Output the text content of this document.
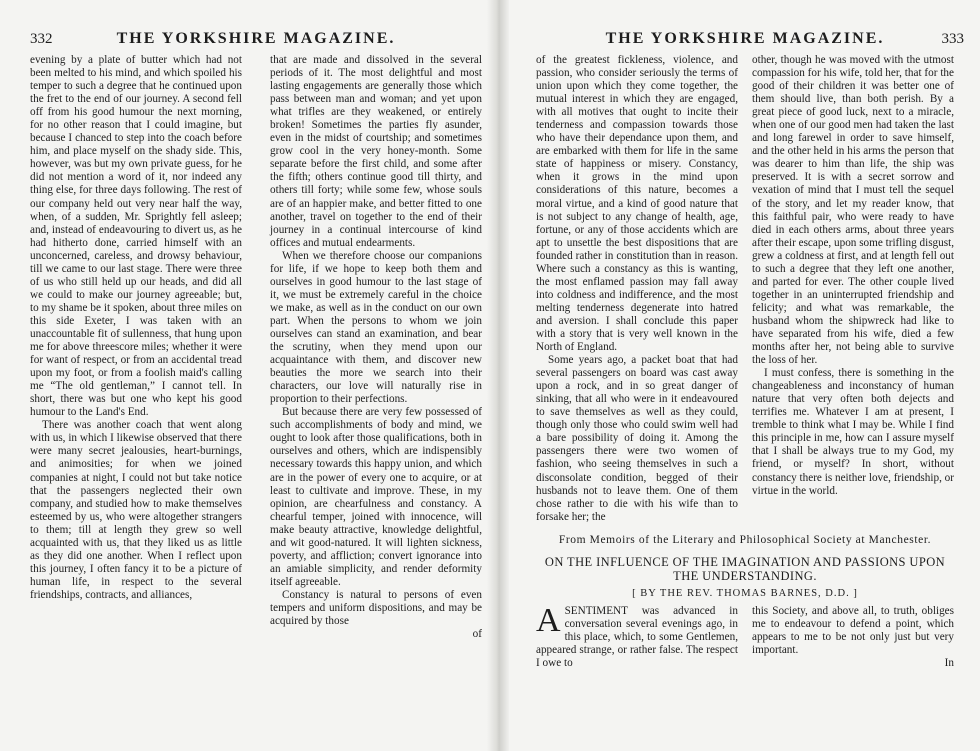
332	THE YORKSHIRE MAGAZINE.

evening by a plate of butter which had not been melted to his mind, and which spoiled his temper to such a degree that he continued upon the fret to the end of our journey. A second fell off from his good humour the next morning, for no other reason that I could imagine, but because I chanced to step into the coach before him, and place myself on the shady side. This, however, was but my own private guess, for he did not mention a word of it, nor indeed any thing else, for three days following. The rest of our company held out very near half the way, when, of a sudden, Mr. Sprightly fell asleep; and, instead of endeavouring to divert us, as he had hitherto done, carried himself with an unconcerned, careless, and drowsy behaviour, till we came to our last stage. There were three of us who still held up our heads, and did all we could to make our journey agreeable; but, to my shame be it spoken, about three miles on this side Exeter, I was taken with an unaccountable fit of sullenness, that hung upon me for above threescore miles; whether it were for want of respect, or from an accidental tread upon my foot, or from a foolish maid's calling me “The old gentleman,” I cannot tell. In short, there was but one who kept his good humour to the Land's End.

There was another coach that went along with us, in which I likewise observed that there were many secret jealousies, heart-burnings, and animosities; for when we joined companies at night, I could not but take notice that the passengers neglected their own company, and studied how to make themselves esteemed by us, who were altogether strangers to them; till at length they grew so well acquainted with us, that they liked us as little as they did one another. When I reflect upon this journey, I often fancy it to be a picture of human life, in respect to the several friendships, contracts, and alliances,

that are made and dissolved in the several periods of it. The most delightful and most lasting engagements are generally those which pass between man and woman; and yet upon what trifles are they weakened, or entirely broken! Sometimes the parties fly asunder, even in the midst of courtship; and sometimes grow cool in the very honey-month. Some separate before the first child, and some after the fifth; others continue good till thirty, and others till forty; while some few, whose souls are of an happier make, and better fitted to one another, travel on together to the end of their journey in a continual intercourse of kind offices and mutual endearments.

When we therefore choose our companions for life, if we hope to keep both them and ourselves in good humour to the last stage of it, we must be extremely careful in the choice we make, as well as in the conduct on our own part. When the persons to whom we join ourselves can stand an examination, and bear the scrutiny, when they mend upon our acquaintance with them, and discover new beauties the more we search into their characters, our love will naturally rise in proportion to their perfections.

But because there are very few possessed of such accomplishments of body and mind, we ought to look after those qualifications, both in ourselves and others, which are indispensibly necessary towards this happy union, and which are in the power of every one to acquire, or at least to cultivate and improve. These, in my opinion, are chearfulness and constancy. A chearful temper, joined with innocence, will make beauty attractive, knowledge delightful, and wit good-natured. It will lighten sickness, poverty, and affliction; convert ignorance into an amiable simplicity, and render deformity itself agreeable.

Constancy is natural to persons of even tempers and uniform dispositions, and may be acquired by those

of
THE YORKSHIRE MAGAZINE.	333

of the greatest fickleness, violence, and passion, who consider seriously the terms of union upon which they come together, the mutual interest in which they are engaged, with all motives that ought to incite their tenderness and compassion towards those who have their dependance upon them, and are embarked with them for life in the same state of happiness or misery. Constancy, when it grows in the mind upon considerations of this nature, becomes a moral virtue, and a kind of good nature that is not subject to any change of health, age, fortune, or any of those accidents which are apt to unsettle the best dispositions that are founded rather in constitution than in reason. Where such a constancy as this is wanting, the most enflamed passion may fall away into coldness and indifference, and the most melting tenderness degenerate into hatred and aversion. I shall conclude this paper with a story that is very well known in the North of England.

Some years ago, a packet boat that had several passengers on board was cast away upon a rock, and in so great danger of sinking, that all who were in it endeavoured to save themselves as well as they could, though only those who could swim well had a bare possibility of doing it. Among the passengers there were two women of fashion, who seeing themselves in such a disconsolate condition, begged of their husbands not to leave them. One of them chose rather to die with his wife than to forsake her; the

other, though he was moved with the utmost compassion for his wife, told her, that for the good of their children it was better one of them should live, than both perish. By a great piece of good luck, next to a miracle, when one of our good men had taken the last and long farewel in order to save himself, and the other held in his arms the person that was dearer to him than life, the ship was preserved. It is with a secret sorrow and vexation of mind that I must tell the sequel of the story, and let my reader know, that this faithful pair, who were ready to have died in each others arms, about three years after their escape, upon some trifling disgust, grew a coldness at first, and at length fell out to such a degree that they left one another, and parted for ever. The other couple lived together in an uninterrupted friendship and felicity; and what was remarkable, the husband whom the shipwreck had like to have separated from his wife, died a few months after her, not being able to survive the loss of her.

I must confess, there is something in the changeableness and inconstancy of human nature that very often both dejects and terrifies me. Whatever I am at present, I tremble to think what I may be. While I find this principle in me, how can I assure myself that I shall be always true to my God, my friend, or myself? In short, without constancy there is neither love, friendship, or virtue in the world.

From Memoirs of the Literary and Philosophical Society at Manchester.
ON THE INFLUENCE OF THE IMAGINATION AND PASSIONS UPON THE UNDERSTANDING.
[ BY THE REV. THOMAS BARNES, D.D. ]

ASENTIMENT was advanced in conversation several evenings ago, in this place, which, to some Gentlemen, appeared strange, or rather false. The respect I owe to

this Society, and above all, to truth, obliges me to endeavour to defend a point, which appears to me to be not only just but very important.

In
